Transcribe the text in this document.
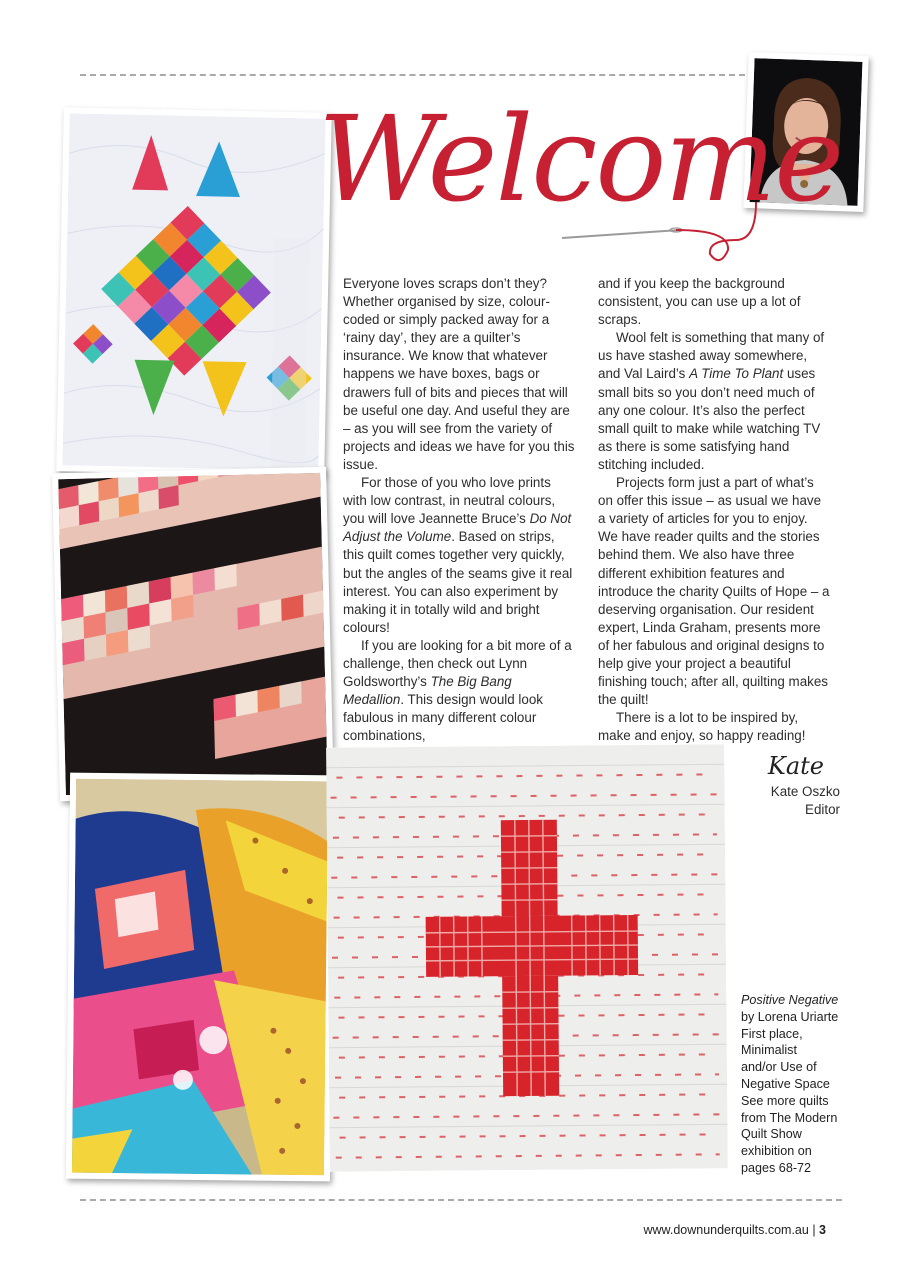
Welcome

Everyone loves scraps don’t they? Whether organised by size, colour-coded or simply packed away for a ‘rainy day’, they are a quilter’s insurance. We know that whatever happens we have boxes, bags or drawers full of bits and pieces that will be useful one day. And useful they are – as you will see from the variety of projects and ideas we have for you this issue.

For those of you who love prints with low contrast, in neutral colours, you will love Jeannette Bruce’s Do Not Adjust the Volume. Based on strips, this quilt comes together very quickly, but the angles of the seams give it real interest. You can also experiment by making it in totally wild and bright colours!

If you are looking for a bit more of a challenge, then check out Lynn Goldsworthy’s The Big Bang Medallion. This design would look fabulous in many different colour combinations,

and if you keep the background consistent, you can use up a lot of scraps.

Wool felt is something that many of us have stashed away somewhere, and Val Laird’s A Time To Plant uses small bits so you don’t need much of any one colour. It’s also the perfect small quilt to make while watching TV as there is some satisfying hand stitching included.

Projects form just a part of what’s on offer this issue – as usual we have a variety of articles for you to enjoy. We have reader quilts and the stories behind them. We also have three different exhibition features and introduce the charity Quilts of Hope – a deserving organisation. Our resident expert, Linda Graham, presents more of her fabulous and original designs to help give your project a beautiful finishing touch; after all, quilting makes the quilt!

There is a lot to be inspired by, make and enjoy, so happy reading!

Kate
Kate Oszko
Editor
Positive Negative
by Lorena Uriarte
First place,
Minimalist
and/or Use of
Negative Space
See more quilts
from The Modern
Quilt Show
exhibition on
pages 68-72
www.downunderquilts.com.au | 3
